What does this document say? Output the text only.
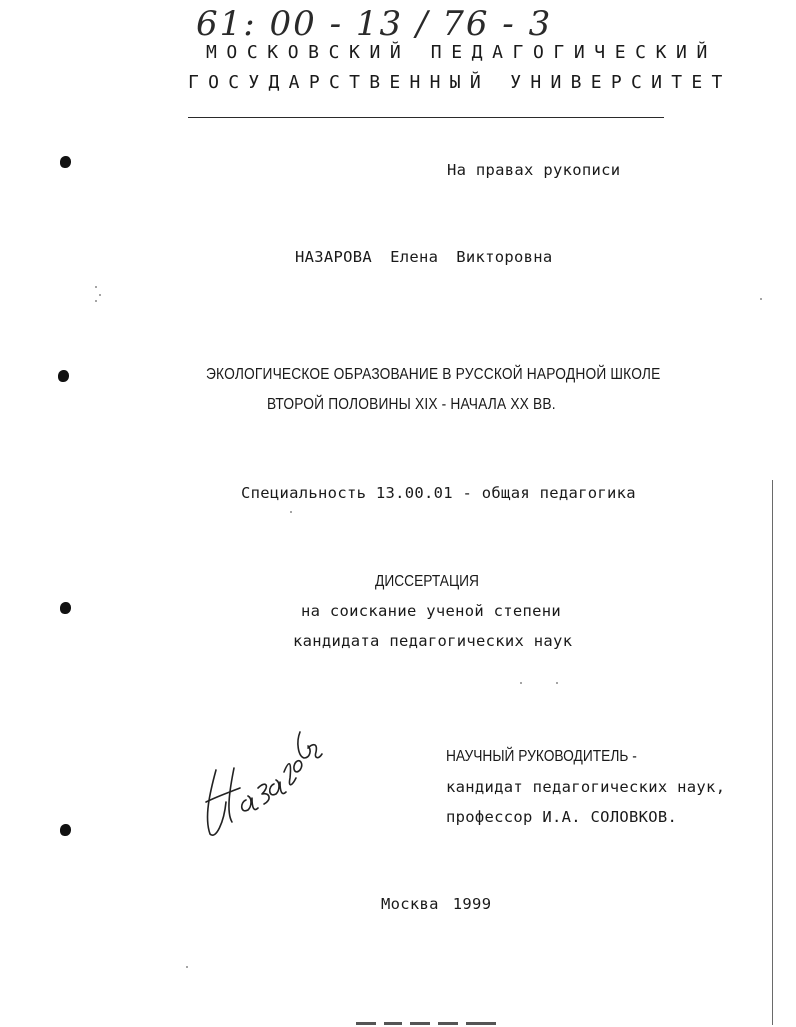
61: 00 - 13 / 76 - 3
МОСКОВСКИЙ ПЕДАГОГИЧЕСКИЙ
ГОСУДАРСТВЕННЫЙ УНИВЕРСИТЕТ
На правах рукописи
НАЗАРОВА Елена Викторовна
ЭКОЛОГИЧЕСКОЕ ОБРАЗОВАНИЕ В РУССКОЙ НАРОДНОЙ ШКОЛЕ
ВТОРОЙ ПОЛОВИНЫ XIX - НАЧАЛА XX ВВ.
Специальность 13.00.01 - общая педагогика
ДИССЕРТАЦИЯ
на соискание ученой степени
кандидата педагогических наук
НАУЧНЫЙ РУКОВОДИТЕЛЬ -
кандидат педагогических наук,
профессор И.А. СОЛОВКОВ.
Москва 1999
